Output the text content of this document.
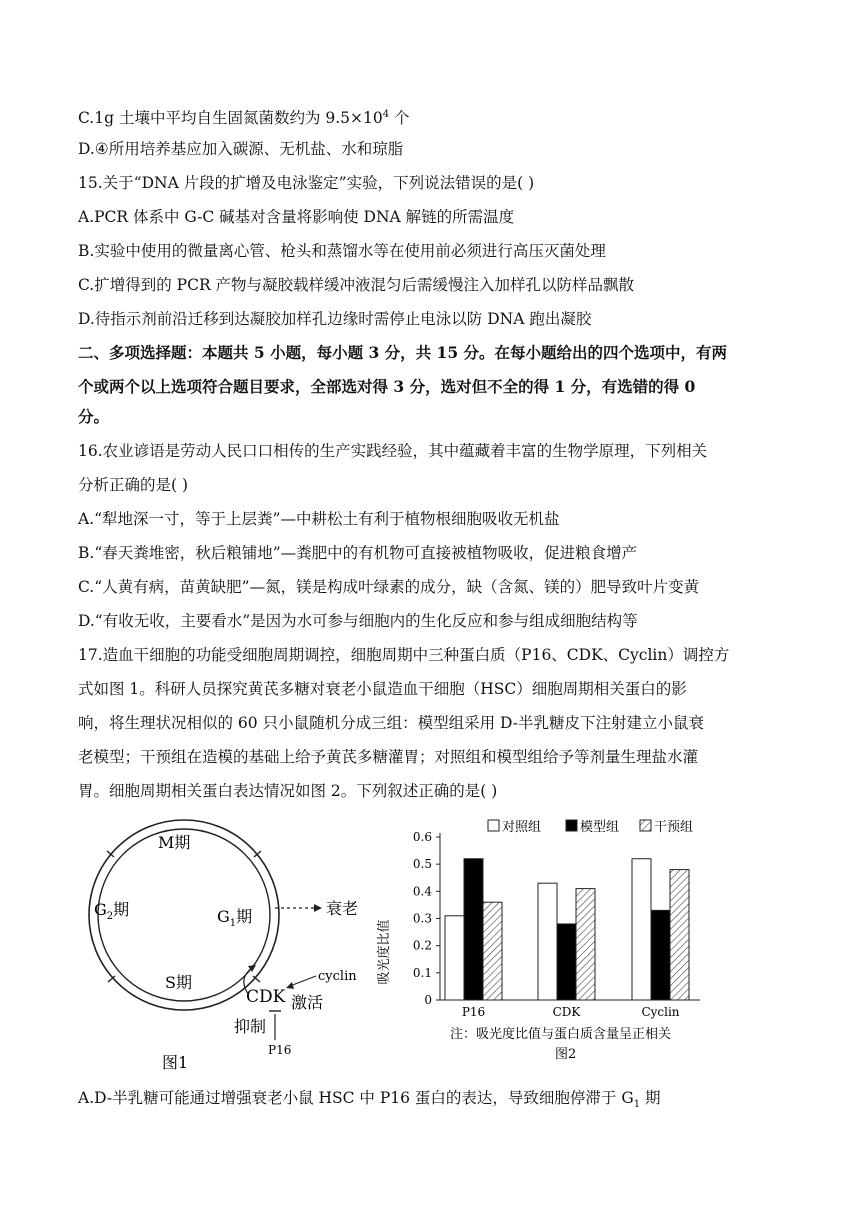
C.1g 土壤中平均自生固氮菌数约为 $9.5\times 10^4$ 个
D.④所用培养基应加入碳源、无机盐、水和琼脂
15.关于“DNA 片段的扩增及电泳鉴定”实验，下列说法错误的是( )
A.PCR 体系中 G-C 碱基对含量将影响使 DNA 解链的所需温度
B.实验中使用的微量离心管、枪头和蒸馏水等在使用前必须进行高压灭菌处理
C.扩增得到的 PCR 产物与凝胶载样缓冲液混匀后需缓慢注入加样孔以防样品飘散
D.待指示剂前沿迁移到达凝胶加样孔边缘时需停止电泳以防 DNA 跑出凝胶
二、多项选择题：本题共 5 小题，每小题 3 分，共 15 分。在每小题给出的四个选项中，有两
个或两个以上选项符合题目要求，全部选对得 3 分，选对但不全的得 1 分，有选错的得 0
分。
16.农业谚语是劳动人民口口相传的生产实践经验，其中蕴藏着丰富的生物学原理，下列相关
分析正确的是( )
A.“犁地深一寸，等于上层粪”—中耕松土有利于植物根细胞吸收无机盐
B.“春天粪堆密，秋后粮铺地”—粪肥中的有机物可直接被植物吸收，促进粮食增产
C.“人黄有病，苗黄缺肥”—氮，镁是构成叶绿素的成分，缺（含氮、镁的）肥导致叶片变黄
D.“有收无收，主要看水”是因为水可参与细胞内的生化反应和参与组成细胞结构等
17.造血干细胞的功能受细胞周期调控，细胞周期中三种蛋白质（P16、CDK、Cyclin）调控方
式如图 1。科研人员探究黄芪多糖对衰老小鼠造血干细胞（HSC）细胞周期相关蛋白的影
响，将生理状况相似的 60 只小鼠随机分成三组：模型组采用 D-半乳糖皮下注射建立小鼠衰
老模型；干预组在造模的基础上给予黄芪多糖灌胃；对照组和模型组给予等剂量生理盐水灌
胃。细胞周期相关蛋白表达情况如图 2。下列叙述正确的是( )
A.D-半乳糖可能通过增强衰老小鼠 HSC 中 P16 蛋白的表达，导致细胞停滞于 $G_1$ 期
M期
$G_2$期	$G_1$期
S期
衰老
cyclin
CDK 激活
抑制
P16
图1
对照组	模型组	干预组
吸光度比值
0
0.1
0.2
0.3
0.4
0.5
0.6
P16	CDK	Cyclin
注：吸光度比值与蛋白质含量呈正相关
图2
